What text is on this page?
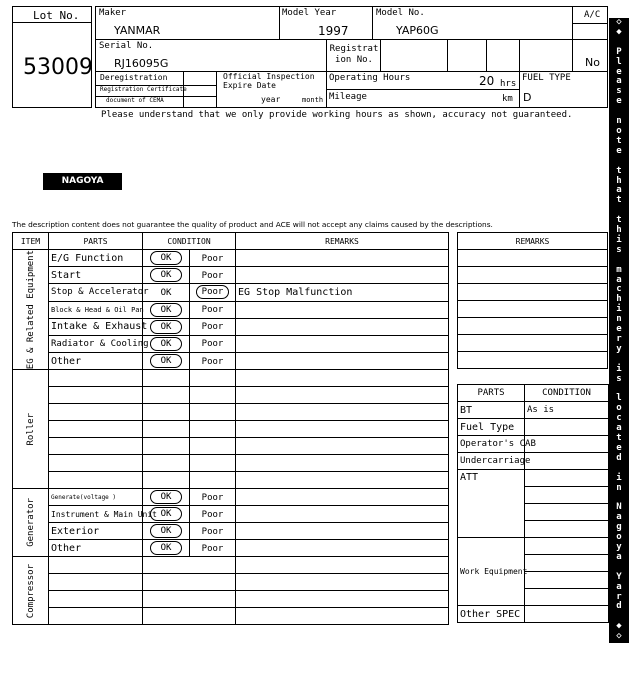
Lot No.
53009
Maker
YANMAR
Model Year
1997
Model No.
YAP60G
A/C
No
Serial No.
RJ16095G
Registration No.
Deregistration
Registration Certificate
document of CEMA
Official Inspection
Expire Date
year	month
Operating Hours	20 hrs
Mileage	km
FUEL TYPE
D
Please understand that we only provide working hours as shown, accuracy not guaranteed.
NAGOYA
The description content does not guarantee the quality of product and ACE will not accept any claims caused by the descriptions.
ITEM	PARTS	CONDITION		REMARKS

EG & Related Equipment	E/G Function	OK	Poor	
	Start	OK	Poor	
	Stop & Accelerator	OK	Poor	EG Stop Malfunction
	Block & Head & Oil Pan	OK	Poor	
	Intake & Exhaust	OK	Poor	
	Radiator & Cooling	OK	Poor	
	Other	OK	Poor	

Roller				

Generator	Generate(voltage )	OK	Poor	
	Instrument & Main Unit	OK	Poor	
	Exterior	OK	Poor	
	Other	OK	Poor	

Compressor				

REMARKS

PARTS	CONDITION
BT	As is
Fuel Type	
Operator's CAB	
Undercarriage	
ATT	

Work Equipment	

Other SPEC	
◇
◆

P
l
e
a
s
e

n
o
t
e

t
h
a
t

t
h
i
s

m
a
c
h
i
n
e
r
y

i
s

l
o
c
a
t
e
d

i
n

N
a
g
o
y
a

Y
a
r
d

◆
◇
